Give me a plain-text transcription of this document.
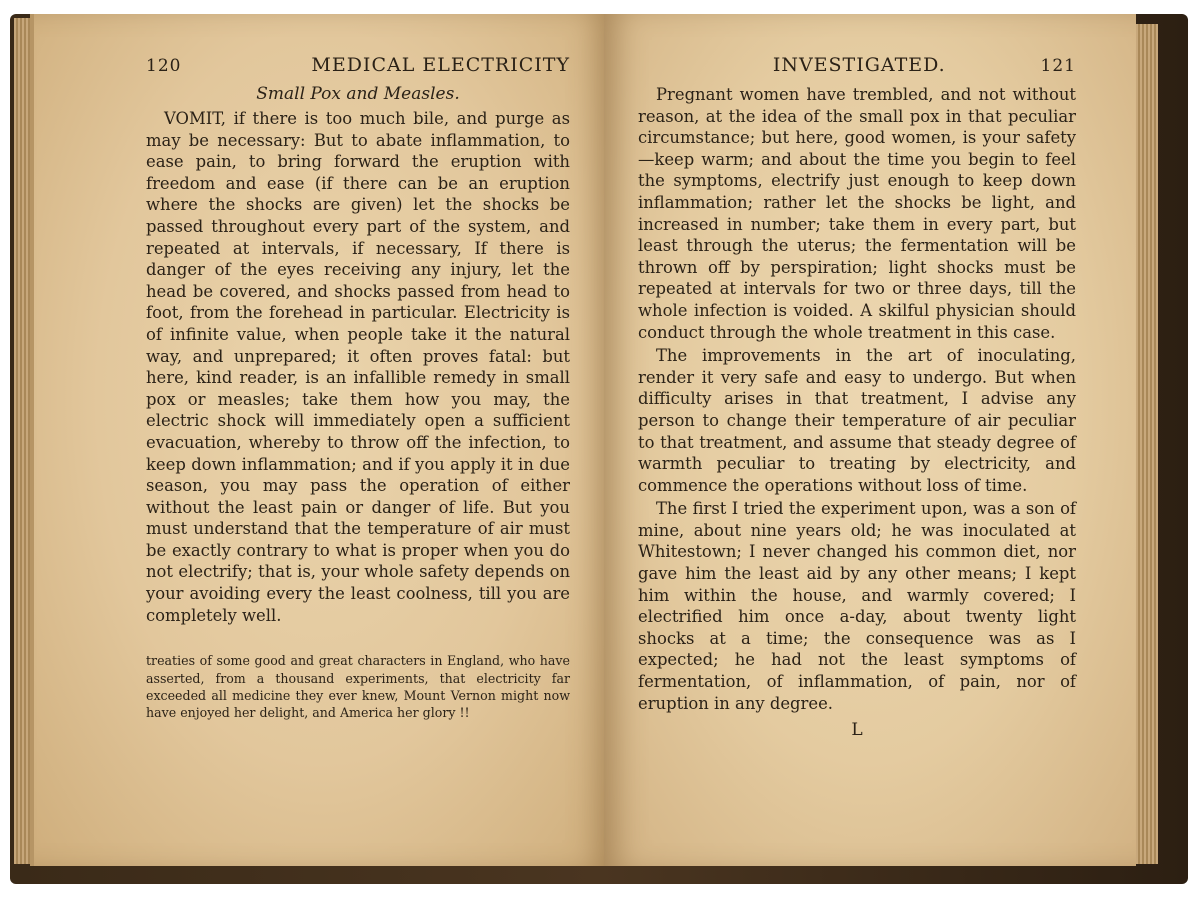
120	MEDICAL ELECTRICITY
Small Pox and Measles.

VOMIT, if there is too much bile, and purge as may be necessary: But to abate inflammation, to ease pain, to bring forward the eruption with freedom and ease (if there can be an eruption where the shocks are given) let the shocks be passed throughout every part of the system, and repeated at intervals, if necessary, If there is danger of the eyes receiving any injury, let the head be covered, and shocks passed from head to foot, from the forehead in particular. Electricity is of infinite value, when people take it the natural way, and unprepared; it often proves fatal: but here, kind reader, is an infallible remedy in small pox or measles; take them how you may, the electric shock will immediately open a sufficient evacuation, whereby to throw off the infection, to keep down inflammation; and if you apply it in due season, you may pass the operation of either without the least pain or danger of life. But you must understand that the temperature of air must be exactly contrary to what is proper when you do not electrify; that is, your whole safety depends on your avoiding every the least coolness, till you are completely well.

treaties of some good and great characters in England, who have asserted, from a thousand experiments, that electricity far exceeded all medicine they ever knew, Mount Vernon might now have enjoyed her delight, and America her glory !!
INVESTIGATED.	121

Pregnant women have trembled, and not without reason, at the idea of the small pox in that peculiar circumstance; but here, good women, is your safety—keep warm; and about the time you begin to feel the symptoms, electrify just enough to keep down inflammation; rather let the shocks be light, and increased in number; take them in every part, but least through the uterus; the fermentation will be thrown off by perspiration; light shocks must be repeated at intervals for two or three days, till the whole infection is voided. A skilful physician should conduct through the whole treatment in this case.

The improvements in the art of inoculating, render it very safe and easy to undergo. But when difficulty arises in that treatment, I advise any person to change their temperature of air peculiar to that treatment, and assume that steady degree of warmth peculiar to treating by electricity, and commence the operations without loss of time.

The first I tried the experiment upon, was a son of mine, about nine years old; he was inoculated at Whitestown; I never changed his common diet, nor gave him the least aid by any other means; I kept him within the house, and warmly covered; I electrified him once a-day, about twenty light shocks at a time; the consequence was as I expected; he had not the least symptoms of fermentation, of inflammation, of pain, nor of eruption in any degree.

L
